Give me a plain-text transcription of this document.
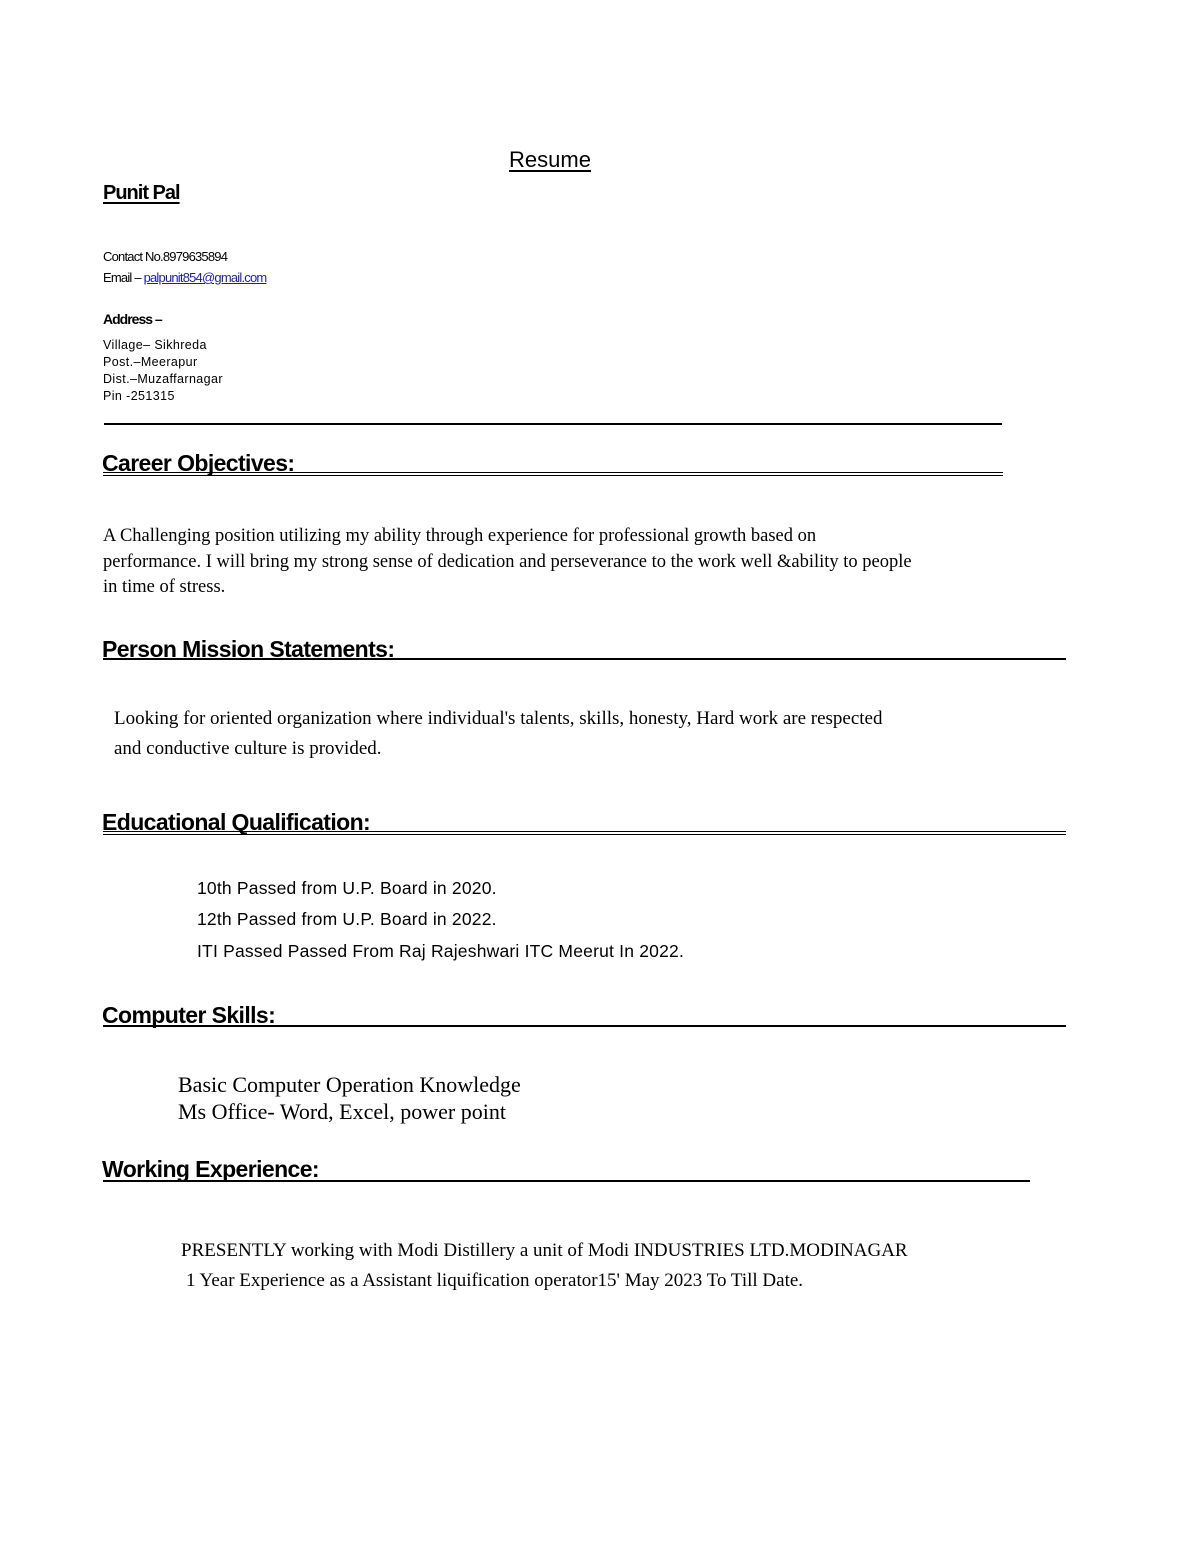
Resume
Punit Pal
Contact No.8979635894
Email – palpunit854@gmail.com
Address –
Village– Sikhreda
Post.–Meerapur
Dist.–Muzaffarnagar
Pin -251315
Career Objectives:
A Challenging position utilizing my ability through experience for professional growth based on
performance. I will bring my strong sense of dedication and perseverance to the work well &ability to people
in time of stress.
Person Mission Statements:
Looking for oriented organization where individual's talents, skills, honesty, Hard work are respected
and conductive culture is provided.
Educational Qualification:
10th Passed from U.P. Board in 2020.
12th Passed from U.P. Board in 2022.
ITI Passed Passed From Raj Rajeshwari ITC Meerut In 2022.
Computer Skills:
Basic Computer Operation Knowledge
Ms Office- Word, Excel, power point
Working Experience:
PRESENTLY working with Modi Distillery a unit of Modi INDUSTRIES LTD.MODINAGAR
1 Year Experience as a Assistant liquification operator15' May 2023 To Till Date.
